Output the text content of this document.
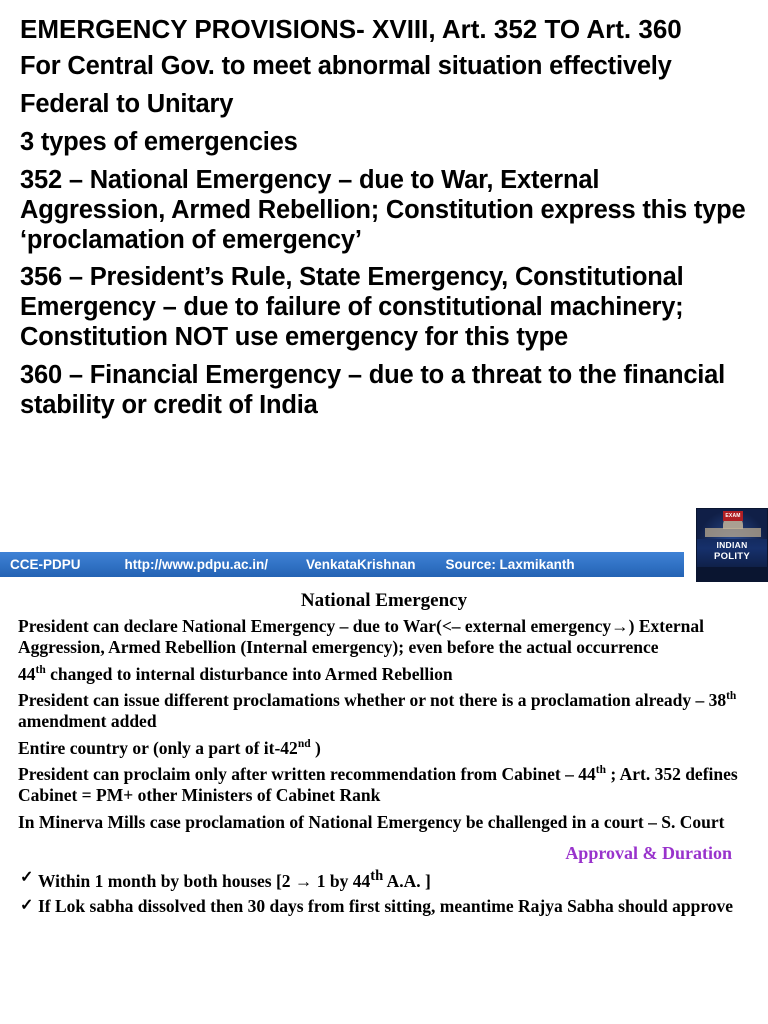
EMERGENCY PROVISIONS- XVIII, Art. 352 TO Art. 360

For Central Gov. to meet abnormal situation effectively

Federal to Unitary

3 types of emergencies

352 – National Emergency – due to War, External Aggression, Armed Rebellion; Constitution express this type ‘proclamation of emergency’

356 – President’s Rule, State Emergency, Constitutional Emergency – due to failure of constitutional machinery; Constitution NOT use emergency for this type

360 – Financial Emergency – due to a threat to the financial stability or credit of India

EXAM
INDIAN
POLITY
CCE-PDPU	http://www.pdpu.ac.in/	VenkataKrishnan Source: Laxmikanth
National Emergency

President can declare National Emergency – due to War(<– external emergency→) External Aggression, Armed Rebellion (Internal emergency); even before the actual occurrence

44th changed to internal disturbance into Armed Rebellion

President can issue different proclamations whether or not there is a proclamation already – 38th amendment added

Entire country or (only a part of it-42nd )

President can proclaim only after written recommendation from Cabinet – 44th ; Art. 352 defines Cabinet = PM+ other Ministers of Cabinet Rank

In Minerva Mills case proclamation of National Emergency be challenged in a court – S. Court

Approval & Duration

✓ Within 1 month by both houses [2 → 1 by 44th A.A. ]

✓ If Lok sabha dissolved then 30 days from first sitting, meantime Rajya Sabha should approve
